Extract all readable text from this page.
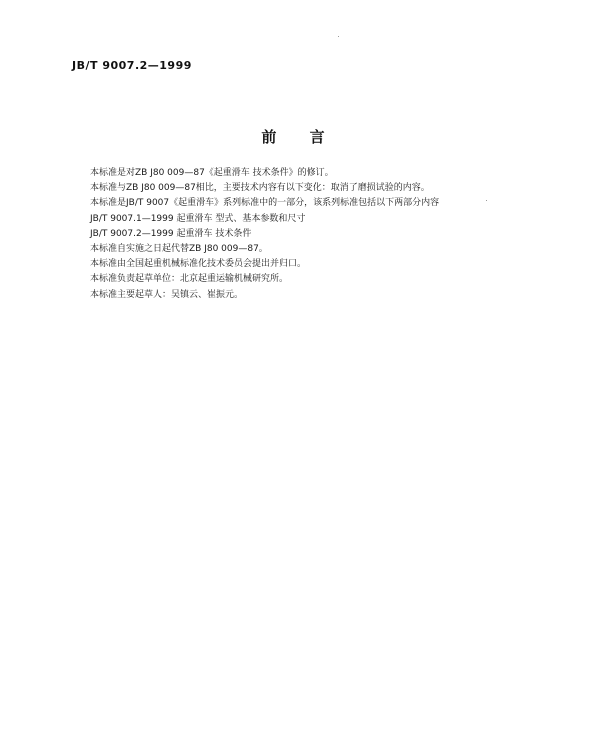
JB/T 9007.2—1999
前 言
本标准是对ZB J80 009—87《起重滑车 技术条件》的修订。
本标准与ZB J80 009—87相比，主要技术内容有以下变化：取消了磨损试验的内容。
本标准是JB/T 9007《起重滑车》系列标准中的一部分，该系列标准包括以下两部分内容
JB/T 9007.1—1999 起重滑车 型式、基本参数和尺寸
JB/T 9007.2—1999 起重滑车 技术条件
本标准自实施之日起代替ZB J80 009—87。
本标准由全国起重机械标准化技术委员会提出并归口。
本标准负责起草单位：北京起重运输机械研究所。
本标准主要起草人：吴镇云、崔振元。
